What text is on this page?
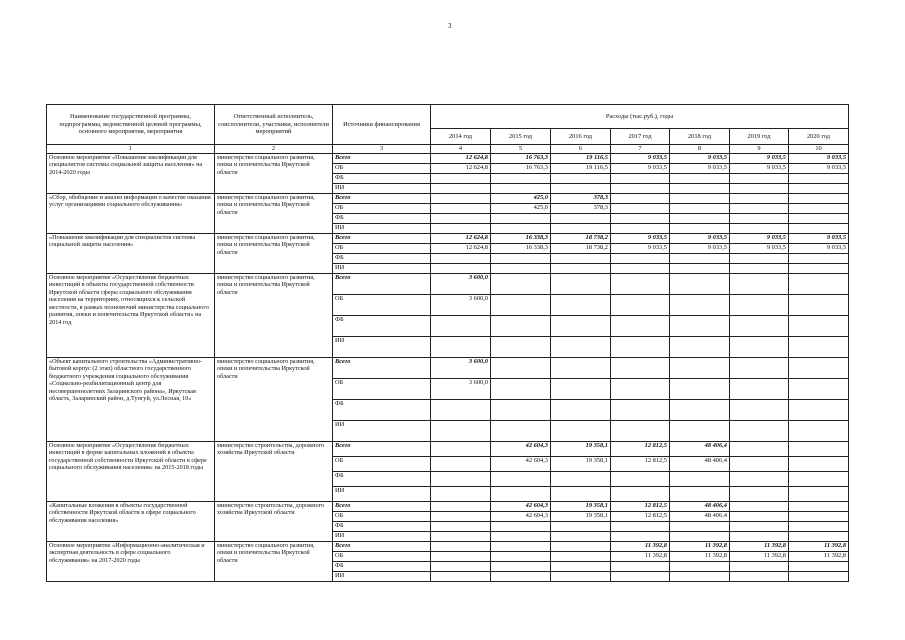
3
Наименование государственной программы, подпрограммы, ведомственной целевой программы, основного мероприятия, мероприятия	Ответственный исполнитель, соисполнители, участники, исполнители мероприятий	Источники финансирования	Расходы (тыс.руб.), годы						
			2014 год	2015 год	2016 год	2017 год	2018 год	2019 год	2020 год
1	2	3	4	5	6	7	8	9	10
Основное мероприятие «Повышение квалификации для специалистов системы социальной защиты населения» на 2014-2020 годы	министерство социального развития, опеки и попечительства Иркутской области	Всего	12 624,8	16 763,3	19 116,5	9 033,5	9 033,5	9 033,5	9 033,5
		ОБ	12 624,8	16 763,3	19 116,5	9 033,5	9 033,5	9 033,5	9 033,5
		ФБ							
		ИИ							
«Сбор, обобщение и анализ информации о качестве оказания услуг организациями социального обслуживания»	министерство социального развития, опеки и попечительства Иркутской области	Всего		425,0	378,3				
		ОБ		425,0	378,3				
		ФБ							
		ИИ							
«Повышение квалификации для специалистов системы социальной защиты населения»	министерство социального развития, опеки и попечительства Иркутской области	Всего	12 624,8	16 338,3	18 738,2	9 033,5	9 033,5	9 033,5	9 033,5
		ОБ	12 624,8	16 338,3	18 738,2	9 033,5	9 033,5	9 033,5	9 033,5
		ФБ							
		ИИ							
Основное мероприятие «Осуществление бюджетных инвестиций в объекты государственной собственности Иркутской области сферы социального обслуживания населения на территориях, относящихся к сельской местности, в рамках полномочий министерства социального развития, опеки и попечительства Иркутской области» на 2014 год	министерство социального развития, опеки и попечительства Иркутской области	Всего	3 600,0						
		ОБ	3 600,0						
		ФБ							
		ИИ							
«Объект капитального строительства «Административно-бытовой корпус (2 этап) областного государственного бюджетного учреждения социального обслуживания «Социально-реабилитационный центр для несовершеннолетних Заларинского района», Иркутская область, Заларинский район, д.Тунгуй, ул.Лесная, 10»	министерство социального развития, опеки и попечительства Иркутской области	Всего	3 600,0						
		ОБ	3 600,0						
		ФБ							
		ИИ							
Основное мероприятие «Осуществление бюджетных инвестиций в форме капитальных вложений в объекты государственной собственности Иркутской области в сфере социального обслуживания населения» на 2015-2018 годы	министерство строительства, дорожного хозяйства Иркутской области	Всего		42 604,3	19 358,1	12 812,5	48 406,4		
		ОБ		42 604,3	19 358,1	12 812,5	48 406,4		
		ФБ							
		ИИ							
«Капитальные вложения в объекты государственной собственности Иркутской области в сфере социального обслуживания населения»	министерство строительства, дорожного хозяйства Иркутской области	Всего		42 604,3	19 358,1	12 812,5	48 406,4		
		ОБ		42 604,3	19 358,1	12 812,5	48 406,4		
		ФБ							
		ИИ							
Основное мероприятие «Информационно-аналитическая и экспертная деятельность в сфере социального обслуживания» на 2017-2020 годы	министерство социального развития, опеки и попечительства Иркутской области	Всего				11 392,8	11 392,8	11 392,8	11 392,8
		ОБ				11 392,8	11 392,8	11 392,8	11 392,8
		ФБ							
		ИИ							
